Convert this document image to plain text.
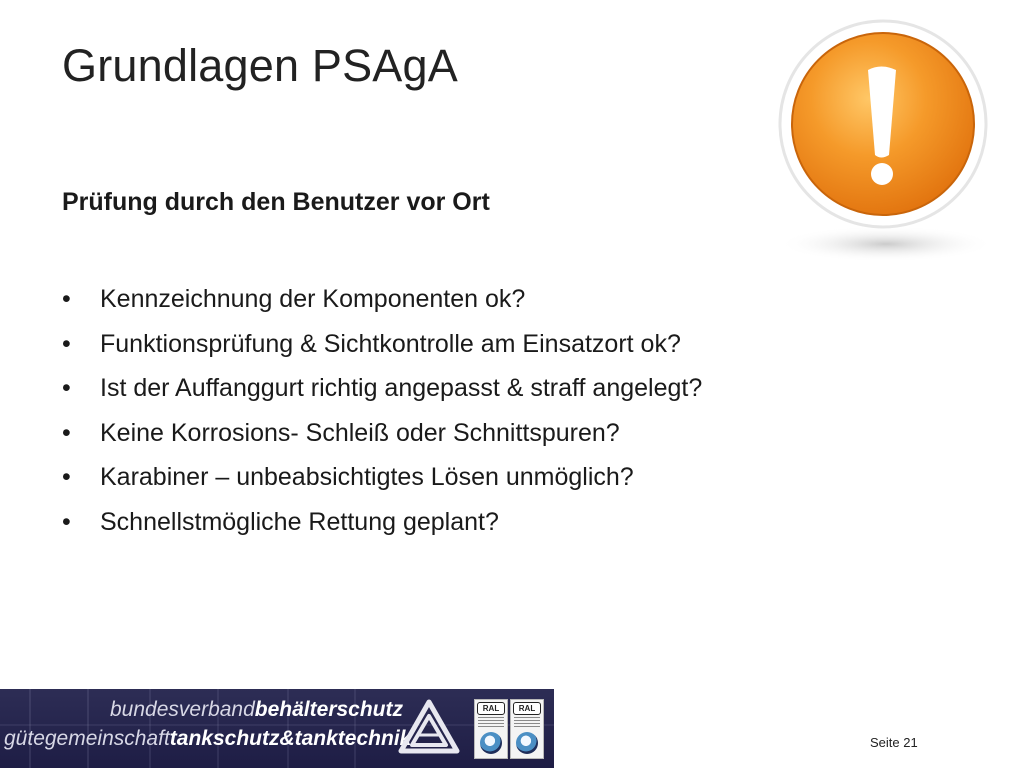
Grundlagen PSAgA

Prüfung durch den Benutzer vor Ort

• Kennzeichnung der Komponenten ok?
• Funktionsprüfung & Sichtkontrolle am Einsatzort ok?
• Ist der Auffanggurt richtig angepasst & straff angelegt?
• Keine Korrosions- Schleiß oder Schnittspuren?
• Karabiner – unbeabsichtigtes Lösen unmöglich?
• Schnellstmögliche Rettung geplant?
bundesverbandbehälterschutz
gütegemeinschafttankschutz&tanktechnik
RAL	RAL
Seite 21
